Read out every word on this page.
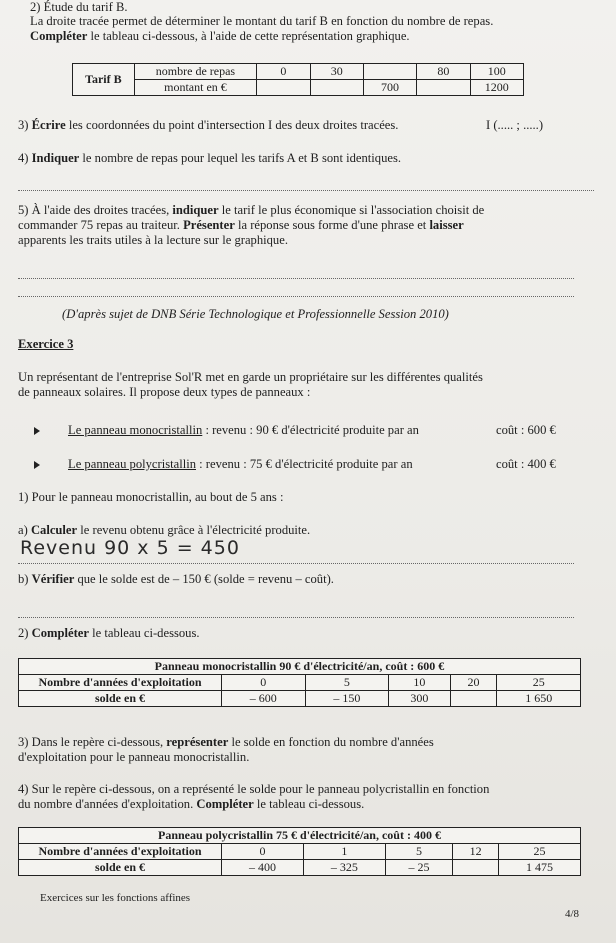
2) Étude du tarif B.
La droite tracée permet de déterminer le montant du tarif B en fonction du nombre de repas.
Compléter le tableau ci-dessous, à l'aide de cette représentation graphique.
Tarif B	nombre de repas	0	30		80	100
	montant en €			700		1200
3) Écrire les coordonnées du point d'intersection I des deux droites tracées.	I (..... ; .....)
4) Indiquer le nombre de repas pour lequel les tarifs A et B sont identiques.
5) À l'aide des droites tracées, indiquer le tarif le plus économique si l'association choisit de
commander 75 repas au traiteur. Présenter la réponse sous forme d'une phrase et laisser
apparents les traits utiles à la lecture sur le graphique.
(D'après sujet de DNB Série Technologique et Professionnelle Session 2010)
Exercice 3
Un représentant de l'entreprise Sol'R met en garde un propriétaire sur les différentes qualités
de panneaux solaires. Il propose deux types de panneaux :
Le panneau monocristallin : revenu : 90 € d'électricité produite par an	coût : 600 €
Le panneau polycristallin : revenu : 75 € d'électricité produite par an	coût : 400 €
1) Pour le panneau monocristallin, au bout de 5 ans :
a) Calculer le revenu obtenu grâce à l'électricité produite.
Revenu 90 x 5 = 450
b) Vérifier que le solde est de – 150 € (solde = revenu – coût).
2) Compléter le tableau ci-dessous.
Panneau monocristallin 90 € d'électricité/an, coût : 600 €					
Nombre d'années d'exploitation	0	5	10	20	25
solde en €	– 600	– 150	300		1 650
3) Dans le repère ci-dessous, représenter le solde en fonction du nombre d'années
d'exploitation pour le panneau monocristallin.
4) Sur le repère ci-dessous, on a représenté le solde pour le panneau polycristallin en fonction
du nombre d'années d'exploitation. Compléter le tableau ci-dessous.
Panneau polycristallin 75 € d'électricité/an, coût : 400 €					
Nombre d'années d'exploitation	0	1	5	12	25
solde en €	– 400	– 325	– 25		1 475
Exercices sur les fonctions affines
4/8
